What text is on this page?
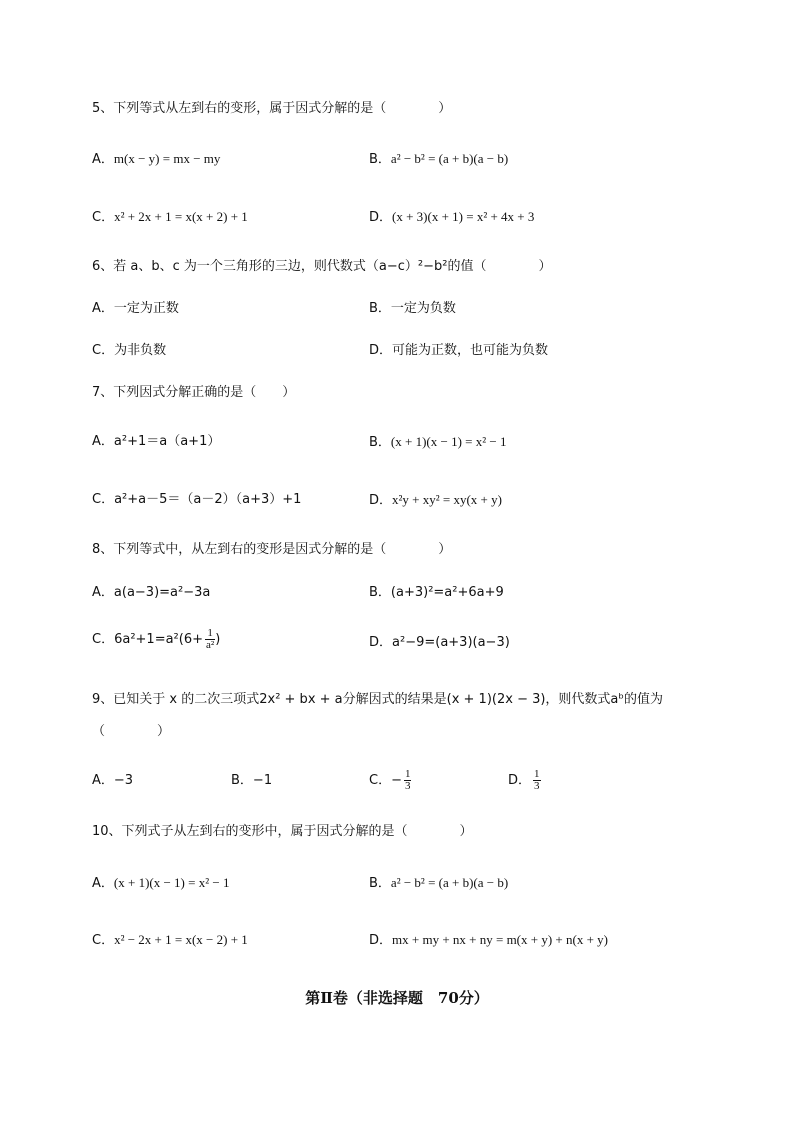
5、下列等式从左到右的变形，属于因式分解的是（　　　　）
A．m(x − y) = mx − my	B．a² − b² = (a + b)(a − b)
C．x² + 2x + 1 = x(x + 2) + 1	D．(x + 3)(x + 1) = x² + 4x + 3
6、若 a、b、c 为一个三角形的三边，则代数式（a−c）²−b²的值（　　　　）
A．一定为正数	B．一定为负数
C．为非负数	D．可能为正数，也可能为负数
7、下列因式分解正确的是（　　）
A．a²+1＝a（a+1）	B．(x + 1)(x − 1) = x² − 1
C．a²+a－5＝（a－2）（a+3）+1	D．x²y + xy² = xy(x + y)
8、下列等式中，从左到右的变形是因式分解的是（　　　　）
A．a(a−3)=a²−3a	B．(a+3)²=a²+6a+9
C．$6a^2+1=a^2(6+ \frac{1}{\text{a²}}$ )	D．a²−9=(a+3)(a−3)
9、已知关于 x 的二次三项式2x² + bx + a分解因式的结果是(x + 1)(2x − 3)，则代数式aᵇ的值为
（　　　　）
A．−3	B．−1	C．− $\frac{1}{3}$	D． $\frac{1}{3}$
10、下列式子从左到右的变形中，属于因式分解的是（　　　　）
A．(x + 1)(x − 1) = x² − 1	B．a² − b² = (a + b)(a − b)
C．x² − 2x + 1 = x(x − 2) + 1	D．mx + my + nx + ny = m(x + y) + n(x + y)
第Ⅱ卷（非选择题　70分）
